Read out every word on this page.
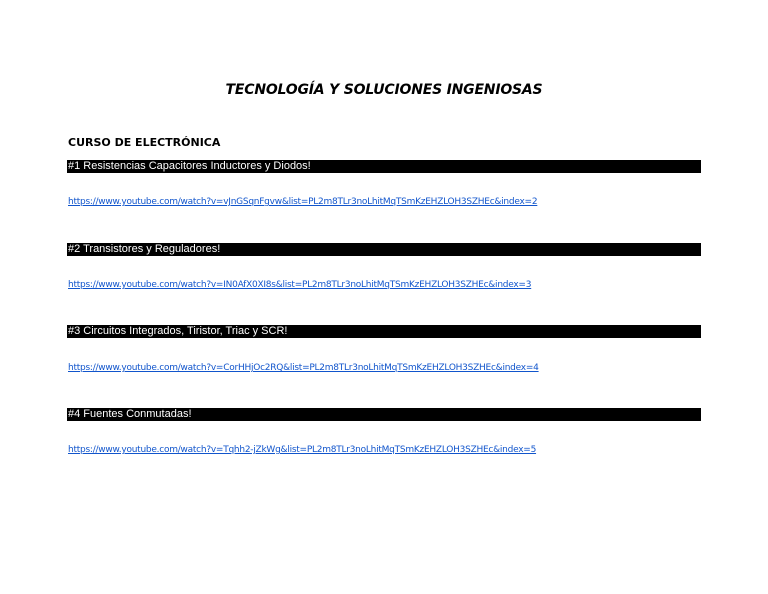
TECNOLOGÍA Y SOLUCIONES INGENIOSAS
CURSO DE ELECTRÓNICA
#1 Resistencias Capacitores Inductores y Diodos!
https://www.youtube.com/watch?v=vJnGSqnFgvw&list=PL2m8TLr3noLhitMqTSmKzEHZLOH3SZHEc&index=2
#2 Transistores y Reguladores!
https://www.youtube.com/watch?v=IN0AfX0XI8s&list=PL2m8TLr3noLhitMqTSmKzEHZLOH3SZHEc&index=3
#3 Circuitos Integrados, Tiristor, Triac y SCR!
https://www.youtube.com/watch?v=CorHHjOc2RQ&list=PL2m8TLr3noLhitMqTSmKzEHZLOH3SZHEc&index=4
#4 Fuentes Conmutadas!
https://www.youtube.com/watch?v=Tqhh2-jZkWg&list=PL2m8TLr3noLhitMqTSmKzEHZLOH3SZHEc&index=5
